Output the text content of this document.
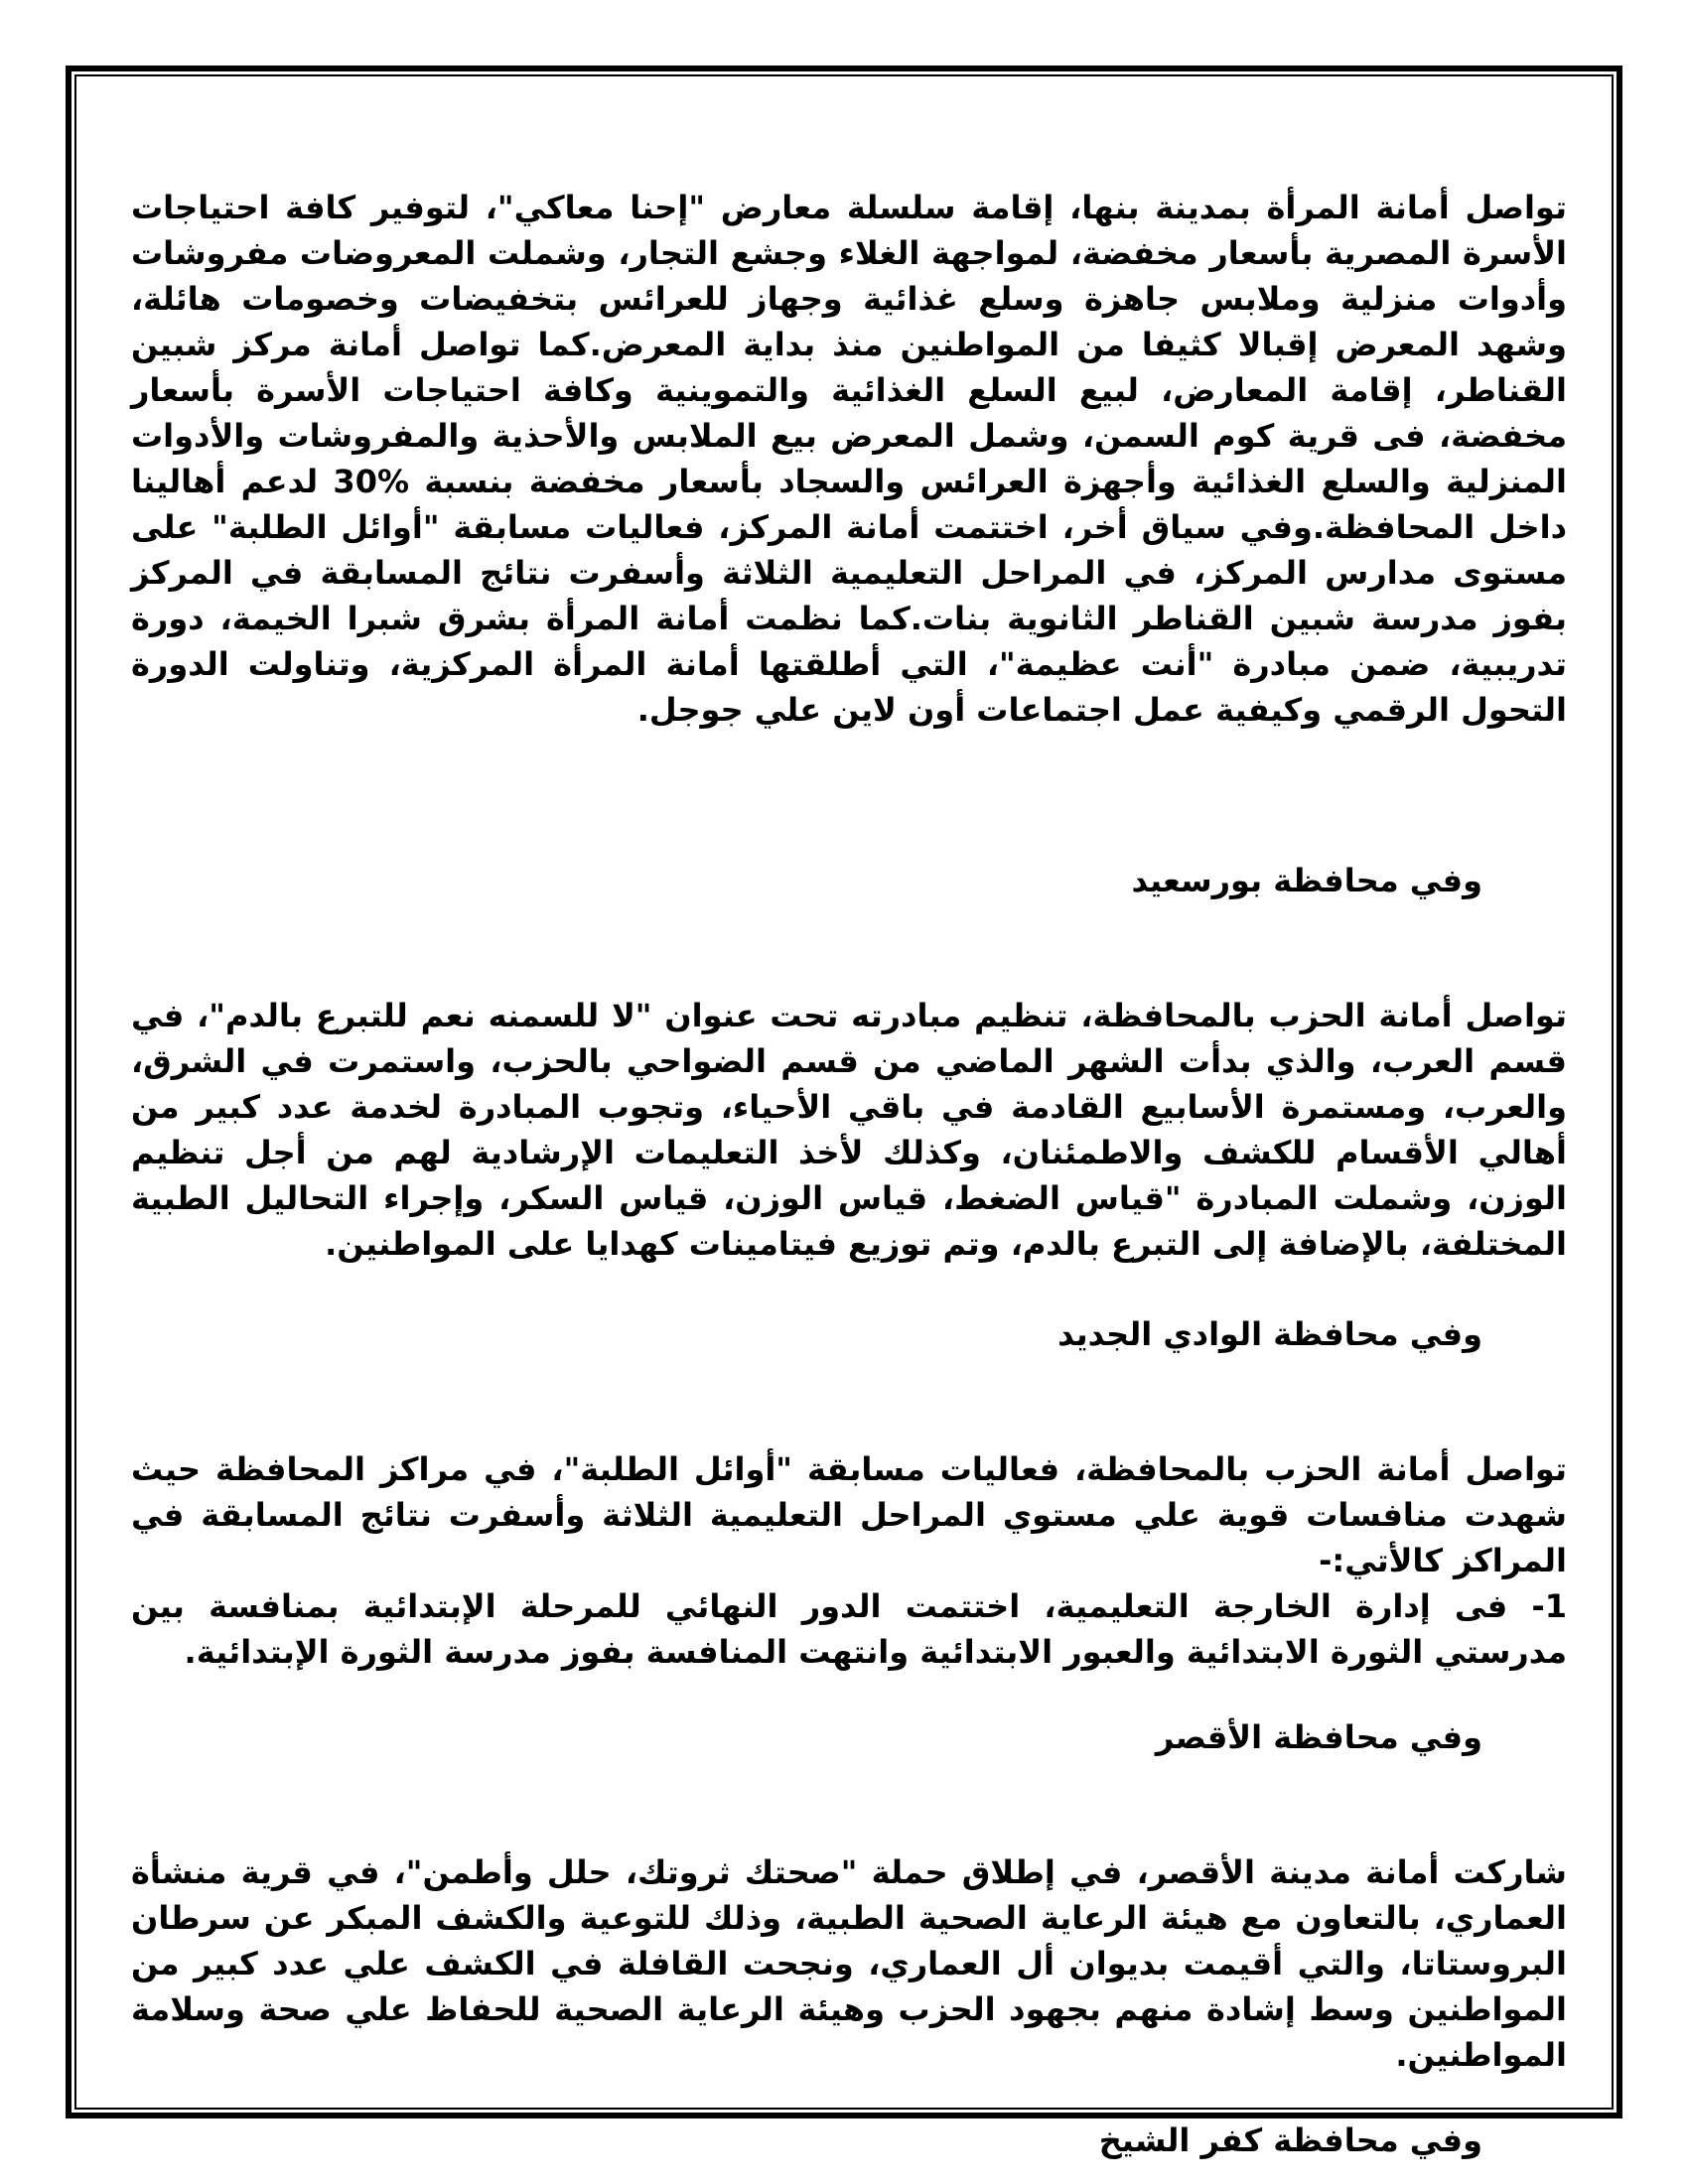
تواصل أمانة المرأة بمدينة بنها، إقامة سلسلة معارض "إحنا معاكي"، لتوفير كافة احتياجات الأسرة المصرية بأسعار مخفضة، لمواجهة الغلاء وجشع التجار، وشملت المعروضات مفروشات وأدوات منزلية وملابس جاهزة وسلع غذائية وجهاز للعرائس بتخفيضات وخصومات هائلة، وشهد المعرض إقبالا كثيفا من المواطنين منذ بداية المعرض.كما تواصل أمانة مركز شبين القناطر، إقامة المعارض، لبيع السلع الغذائية والتموينية وكافة احتياجات الأسرة بأسعار مخفضة، فى قرية كوم السمن، وشمل المعرض بيع الملابس والأحذية والمفروشات والأدوات المنزلية والسلع الغذائية وأجهزة العرائس والسجاد بأسعار مخفضة بنسبة %30 لدعم أهالينا داخل المحافظة.وفي سياق أخر، اختتمت أمانة المركز، فعاليات مسابقة "أوائل الطلبة" على مستوى مدارس المركز، في المراحل التعليمية الثلاثة وأسفرت نتائج المسابقة في المركز بفوز مدرسة شبين القناطر الثانوية بنات.كما نظمت أمانة المرأة بشرق شبرا الخيمة، دورة تدريبية، ضمن مبادرة "أنت عظيمة"، التي أطلقتها أمانة المرأة المركزية، وتناولت الدورة التحول الرقمي وكيفية عمل اجتماعات أون لاين علي جوجل.

وفي محافظة بورسعيد

تواصل أمانة الحزب بالمحافظة، تنظيم مبادرته تحت عنوان "لا للسمنه نعم للتبرع بالدم"، في قسم العرب، والذي بدأت الشهر الماضي من قسم الضواحي بالحزب، واستمرت في الشرق، والعرب، ومستمرة الأسابيع القادمة في باقي الأحياء، وتجوب المبادرة لخدمة عدد كبير من أهالي الأقسام للكشف والاطمئنان، وكذلك لأخذ التعليمات الإرشادية لهم من أجل تنظيم الوزن، وشملت المبادرة "قياس الضغط، قياس الوزن، قياس السكر، وإجراء التحاليل الطبية المختلفة، بالإضافة إلى التبرع بالدم، وتم توزيع فيتامينات كهدايا على المواطنين.

وفي محافظة الوادي الجديد

تواصل أمانة الحزب بالمحافظة، فعاليات مسابقة "أوائل الطلبة"، في مراكز المحافظة حيث شهدت منافسات قوية علي مستوي المراحل التعليمية الثلاثة وأسفرت نتائج المسابقة في المراكز كالأتي:-

1- فى إدارة الخارجة التعليمية، اختتمت الدور النهائي للمرحلة الإبتدائية بمنافسة بين مدرستي الثورة الابتدائية والعبور الابتدائية وانتهت المنافسة بفوز مدرسة الثورة الإبتدائية.

وفي محافظة الأقصر

شاركت أمانة مدينة الأقصر، في إطلاق حملة "صحتك ثروتك، حلل وأطمن"، في قرية منشأة العماري، بالتعاون مع هيئة الرعاية الصحية الطبية، وذلك للتوعية والكشف المبكر عن سرطان البروستاتا، والتي أقيمت بديوان أل العماري، ونجحت القافلة في الكشف علي عدد كبير من المواطنين وسط إشادة منهم بجهود الحزب وهيئة الرعاية الصحية للحفاظ علي صحة وسلامة المواطنين.

وفي محافظة كفر الشيخ
